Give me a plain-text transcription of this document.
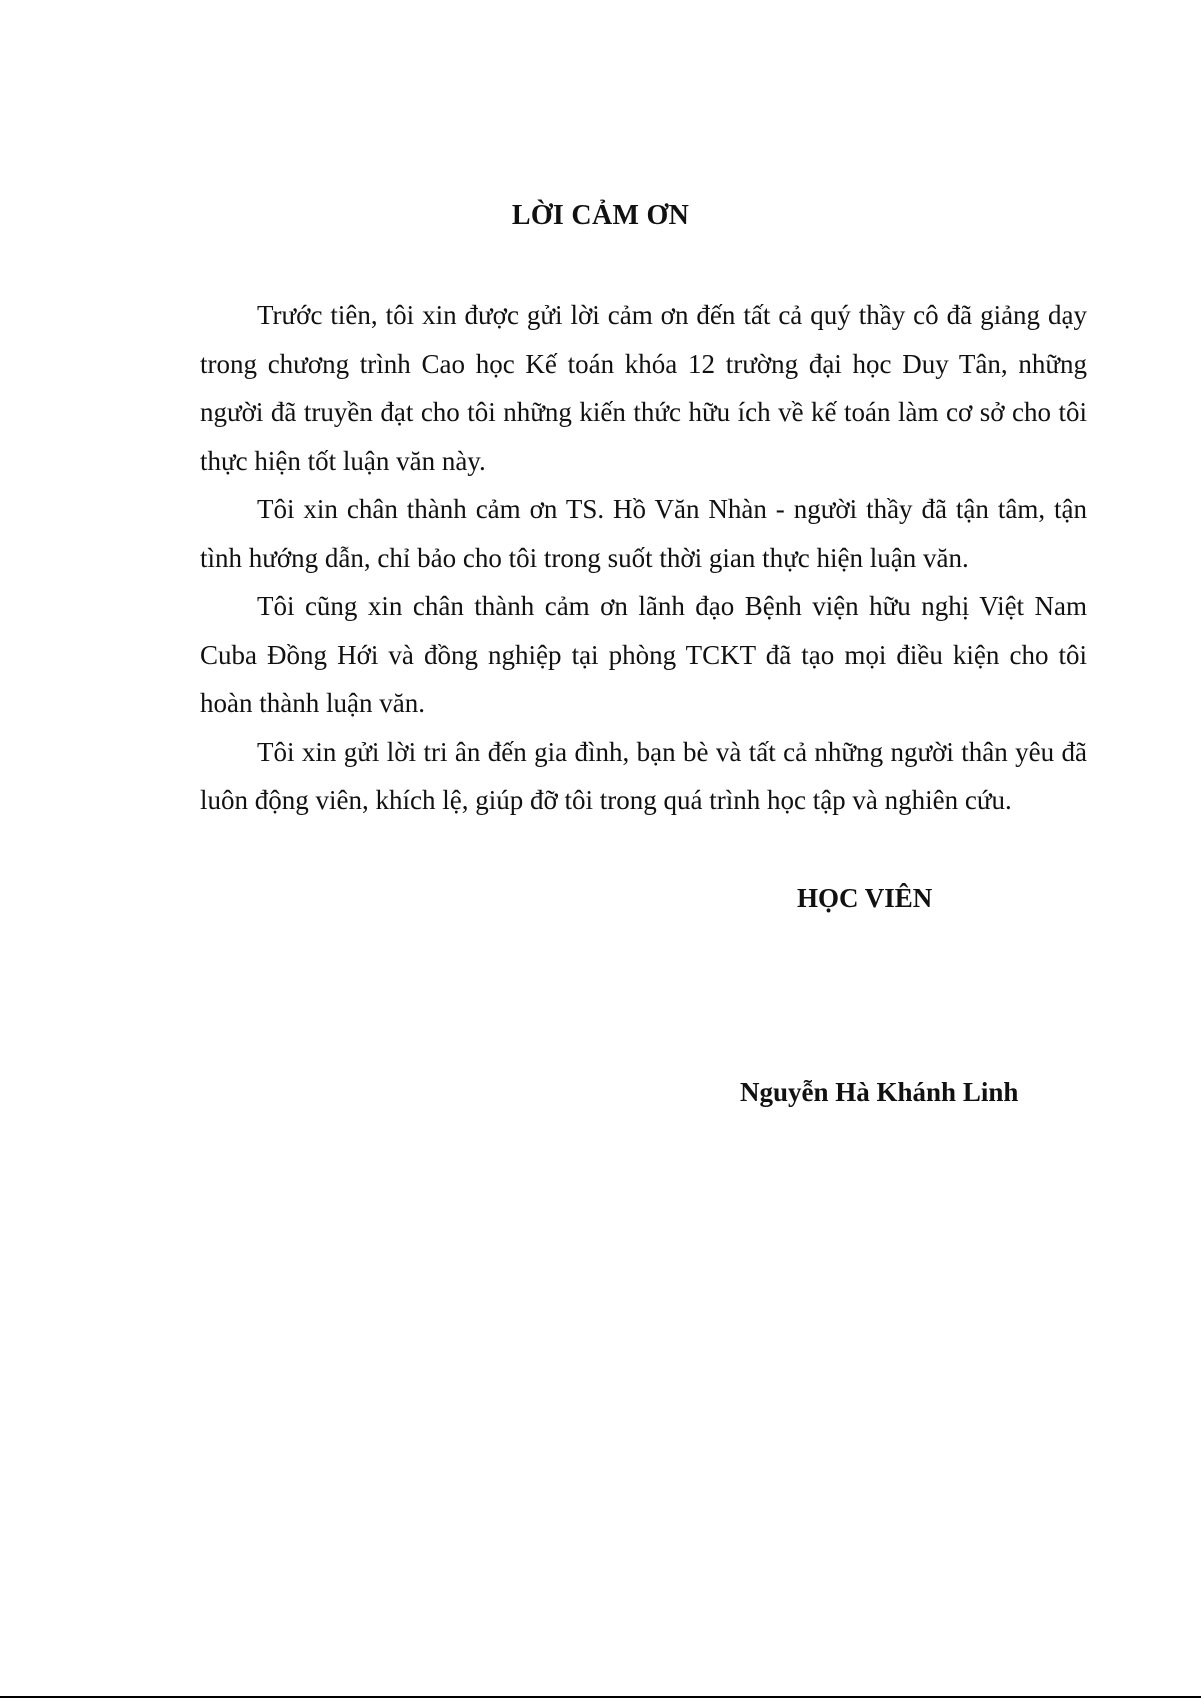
LỜI CẢM ƠN

Trước tiên, tôi xin được gửi lời cảm ơn đến tất cả quý thầy cô đã giảng dạy trong chương trình Cao học Kế toán khóa 12 trường đại học Duy Tân, những người đã truyền đạt cho tôi những kiến thức hữu ích về kế toán làm cơ sở cho tôi thực hiện tốt luận văn này.

Tôi xin chân thành cảm ơn TS. Hồ Văn Nhàn - người thầy đã tận tâm, tận tình hướng dẫn, chỉ bảo cho tôi trong suốt thời gian thực hiện luận văn.

Tôi cũng xin chân thành cảm ơn lãnh đạo Bệnh viện hữu nghị Việt Nam Cuba Đồng Hới và đồng nghiệp tại phòng TCKT đã tạo mọi điều kiện cho tôi hoàn thành luận văn.

Tôi xin gửi lời tri ân đến gia đình, bạn bè và tất cả những người thân yêu đã luôn động viên, khích lệ, giúp đỡ tôi trong quá trình học tập và nghiên cứu.

HỌC VIÊN

Nguyễn Hà Khánh Linh
